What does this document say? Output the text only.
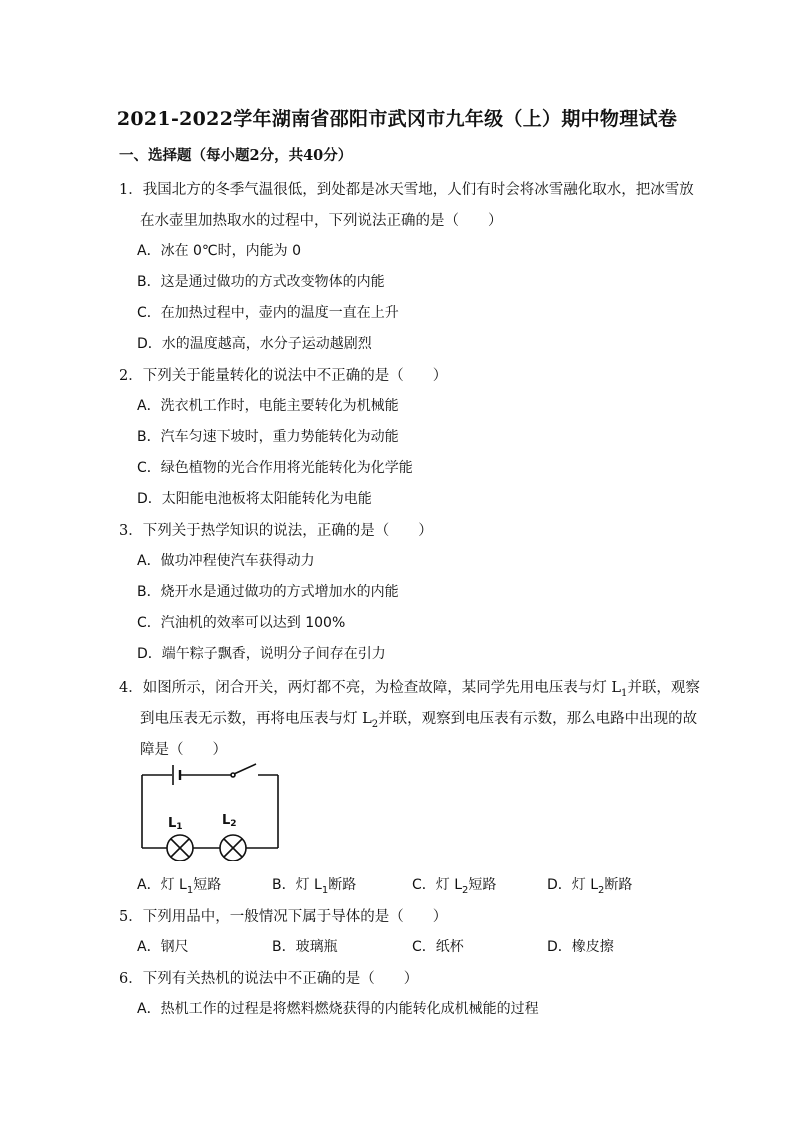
2021-2022学年湖南省邵阳市武冈市九年级（上）期中物理试卷
一、选择题（每小题2分，共40分）
1．我国北方的冬季气温很低，到处都是冰天雪地，人们有时会将冰雪融化取水，把冰雪放
在水壶里加热取水的过程中，下列说法正确的是（　　）
A．冰在 0℃时，内能为 0
B．这是通过做功的方式改变物体的内能
C．在加热过程中，壶内的温度一直在上升
D．水的温度越高，水分子运动越剧烈
2．下列关于能量转化的说法中不正确的是（　　）
A．洗衣机工作时，电能主要转化为机械能
B．汽车匀速下坡时，重力势能转化为动能
C．绿色植物的光合作用将光能转化为化学能
D．太阳能电池板将太阳能转化为电能
3．下列关于热学知识的说法，正确的是（　　）
A．做功冲程使汽车获得动力
B．烧开水是通过做功的方式增加水的内能
C．汽油机的效率可以达到 100%
D．端午粽子飘香，说明分子间存在引力
4．如图所示，闭合开关，两灯都不亮，为检查故障，某同学先用电压表与灯 $L_1$并联，观察
到电压表无示数，再将电压表与灯 $L_2$并联，观察到电压表有示数，那么电路中出现的故
障是（　　）
L1	L2
A．灯 $L_1$短路	B．灯 $L_1$断路	C．灯 $L_2$短路	D．灯 $L_2$断路
5．下列用品中，一般情况下属于导体的是（　　）
A．钢尺	B．玻璃瓶	C．纸杯	D．橡皮擦
6．下列有关热机的说法中不正确的是（　　）
A．热机工作的过程是将燃料燃烧获得的内能转化成机械能的过程
